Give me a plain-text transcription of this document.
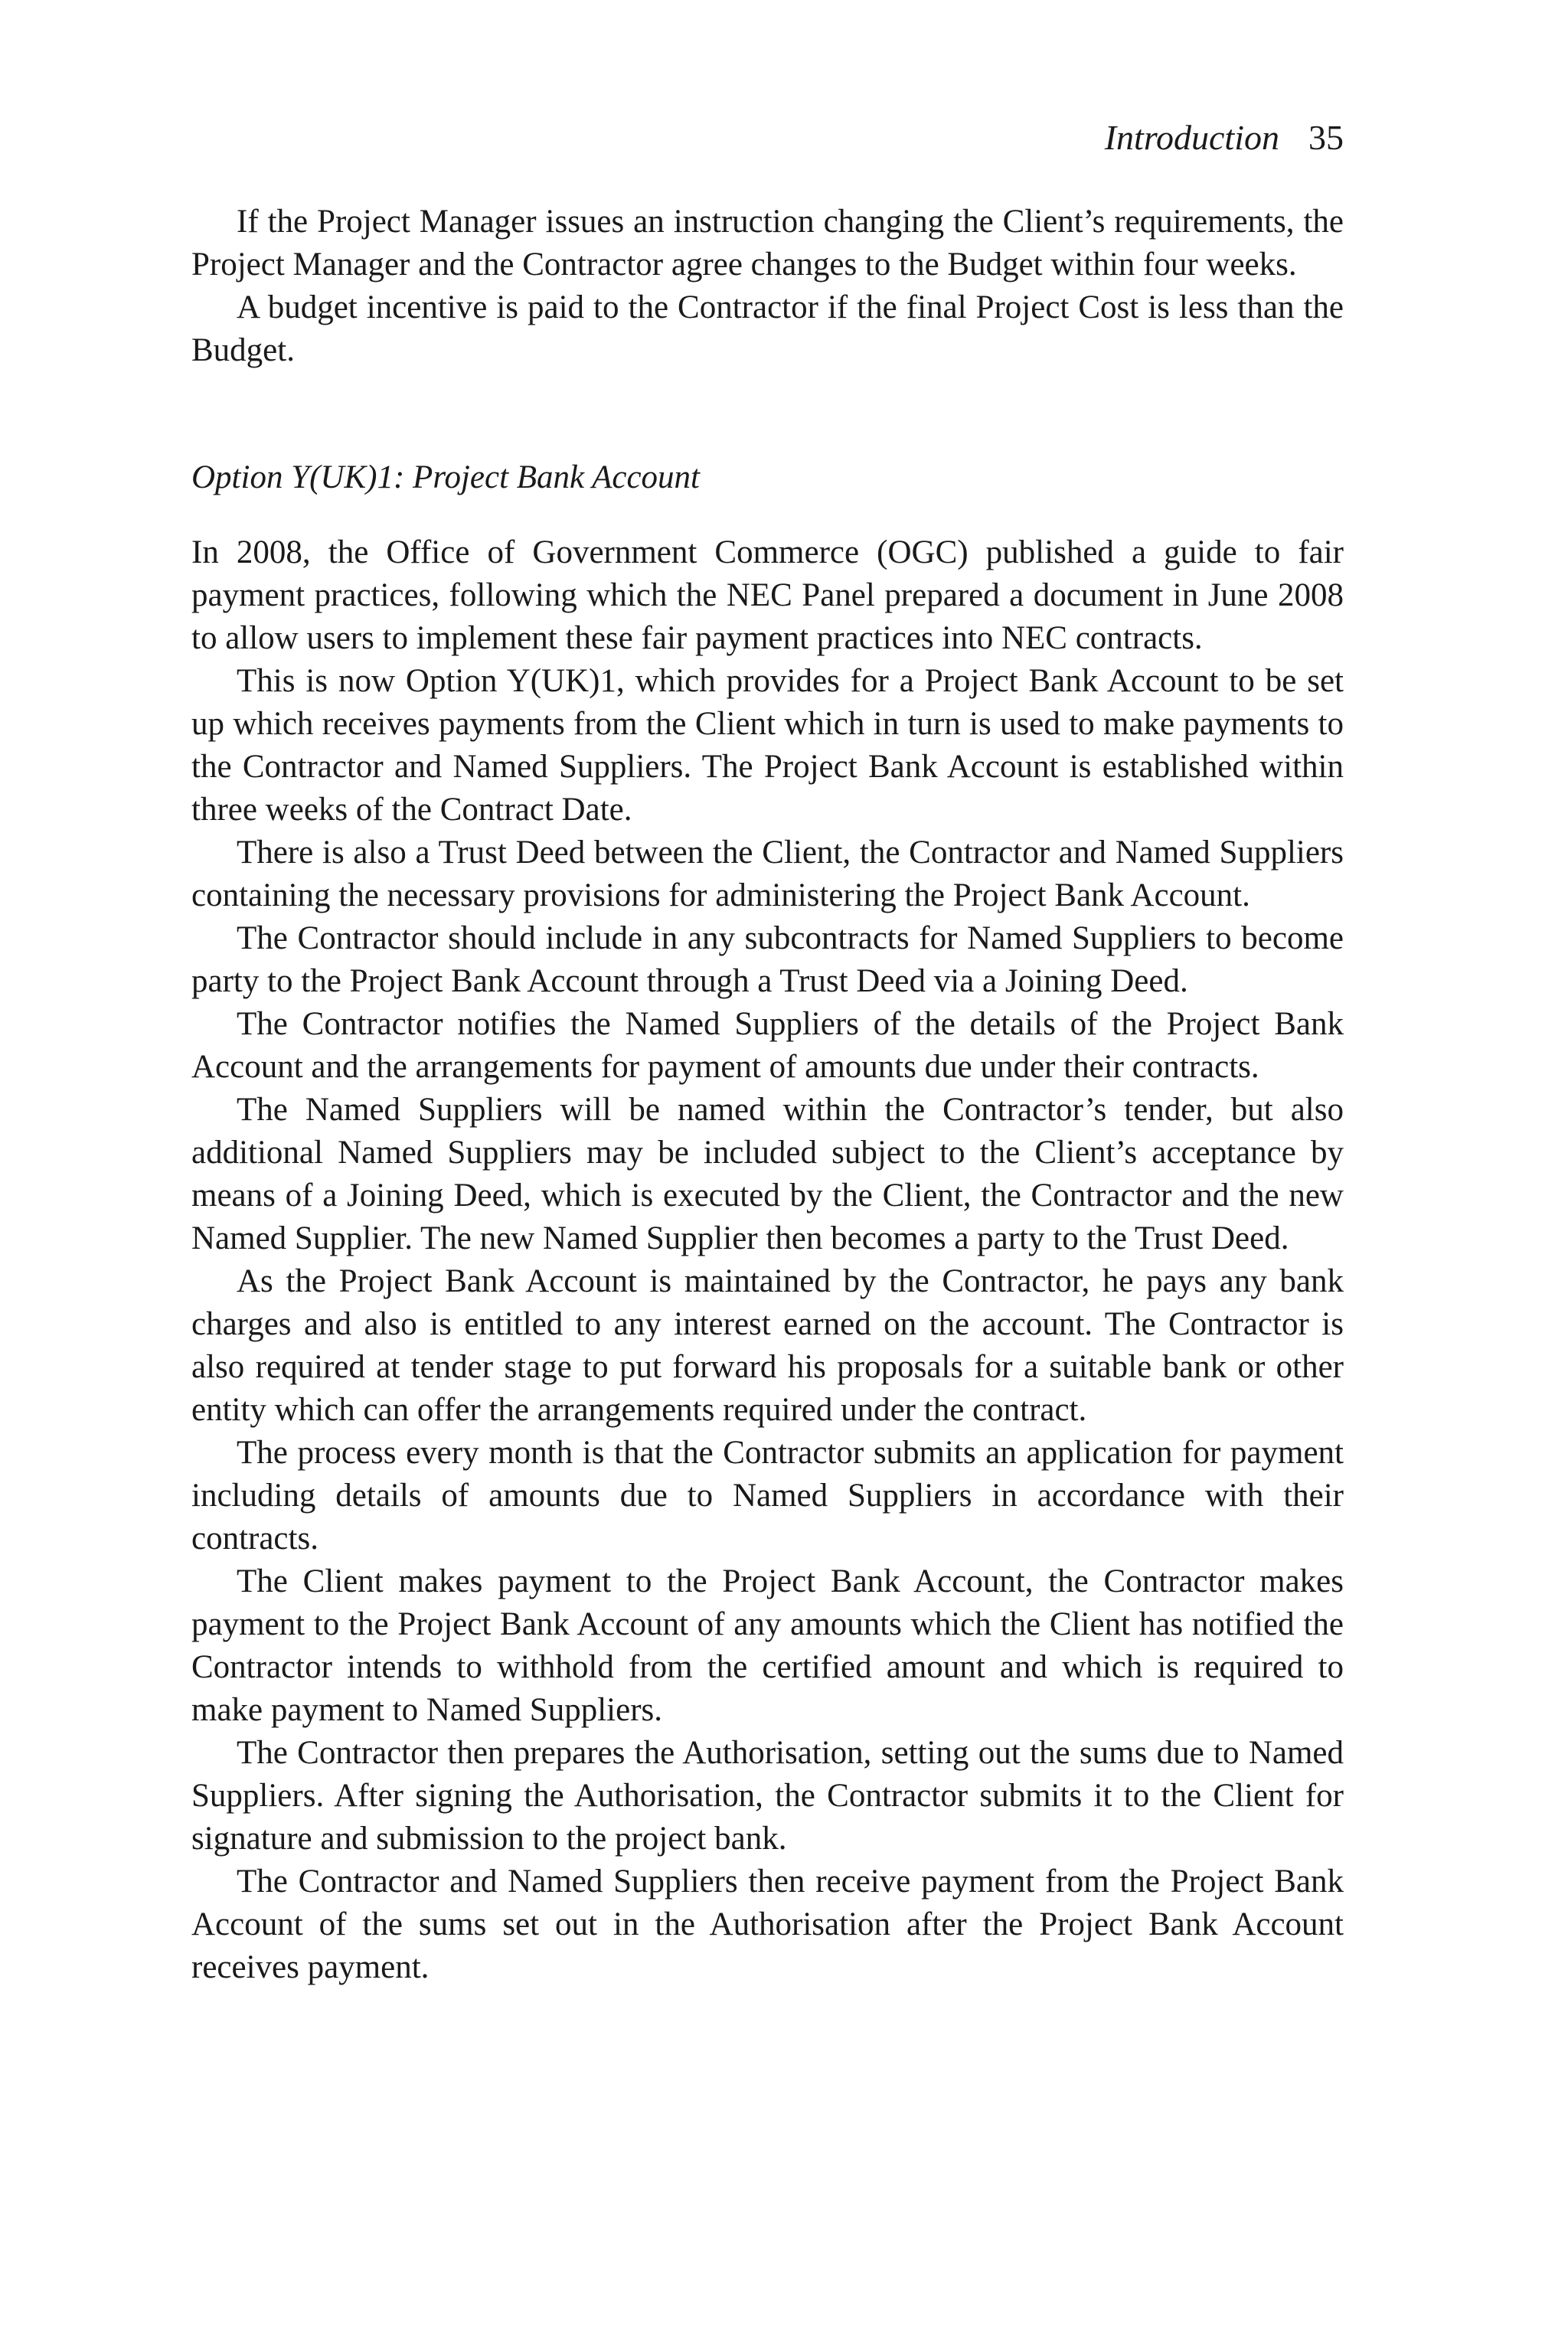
Introduction 35

If the Project Manager issues an instruction changing the Client’s requirements, the Project Manager and the Contractor agree changes to the Budget within four weeks.

A budget incentive is paid to the Contractor if the final Project Cost is less than the Budget.

Option Y(UK)1: Project Bank Account

In 2008, the Office of Government Commerce (OGC) published a guide to fair payment practices, following which the NEC Panel prepared a document in June 2008 to allow users to implement these fair payment practices into NEC contracts.

This is now Option Y(UK)1, which provides for a Project Bank Account to be set up which receives payments from the Client which in turn is used to make payments to the Contractor and Named Suppliers. The Project Bank Account is established within three weeks of the Contract Date.

There is also a Trust Deed between the Client, the Contractor and Named Suppliers containing the necessary provisions for administering the Project Bank Account.

The Contractor should include in any subcontracts for Named Suppliers to become party to the Project Bank Account through a Trust Deed via a Joining Deed.

The Contractor notifies the Named Suppliers of the details of the Project Bank Account and the arrangements for payment of amounts due under their contracts.

The Named Suppliers will be named within the Contractor’s tender, but also additional Named Suppliers may be included subject to the Client’s acceptance by means of a Joining Deed, which is executed by the Client, the Contractor and the new Named Supplier. The new Named Supplier then becomes a party to the Trust Deed.

As the Project Bank Account is maintained by the Contractor, he pays any bank charges and also is entitled to any interest earned on the account. The Contractor is also required at tender stage to put forward his proposals for a suitable bank or other entity which can offer the arrangements required under the contract.

The process every month is that the Contractor submits an application for payment including details of amounts due to Named Suppliers in accordance with their contracts.

The Client makes payment to the Project Bank Account, the Contractor makes payment to the Project Bank Account of any amounts which the Client has notified the Contractor intends to withhold from the certified amount and which is required to make payment to Named Suppliers.

The Contractor then prepares the Authorisation, setting out the sums due to Named Suppliers. After signing the Authorisation, the Contractor submits it to the Client for signature and submission to the project bank.

The Contractor and Named Suppliers then receive payment from the Project Bank Account of the sums set out in the Authorisation after the Project Bank Account receives payment.
